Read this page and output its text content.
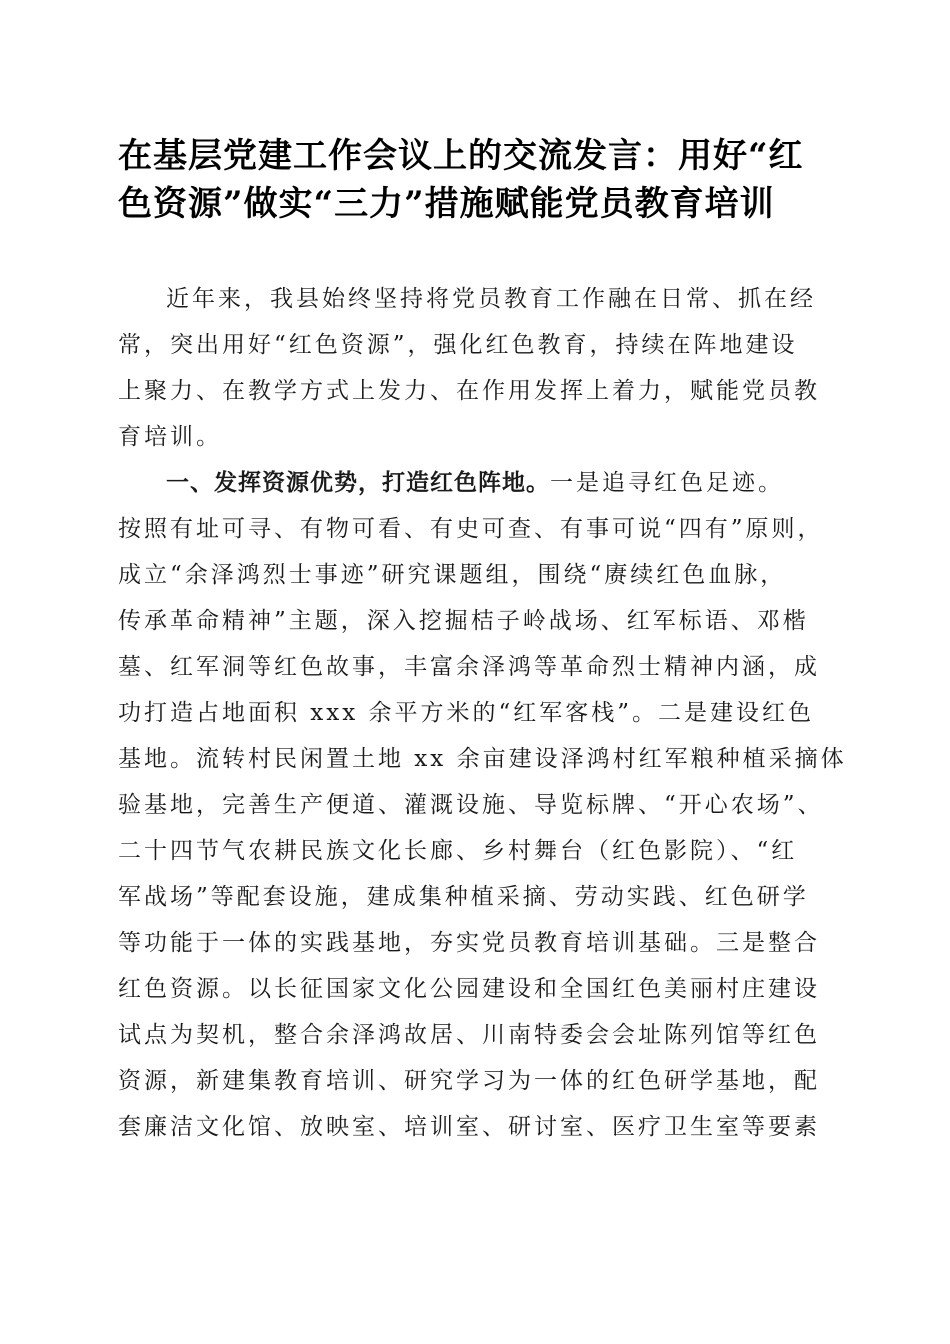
在基层党建工作会议上的交流发言：用好“红
色资源”做实“三力”措施赋能党员教育培训
近年来，我县始终坚持将党员教育工作融在日常、抓在经
常，突出用好“红色资源”，强化红色教育，持续在阵地建设
上聚力、在教学方式上发力、在作用发挥上着力，赋能党员教
育培训。
一、发挥资源优势，打造红色阵地。一是追寻红色足迹。
按照有址可寻、有物可看、有史可查、有事可说“四有”原则，
成立“余泽鸿烈士事迹”研究课题组，围绕“赓续红色血脉，
传承革命精神”主题，深入挖掘桔子岭战场、红军标语、邓楷
墓、红军洞等红色故事，丰富余泽鸿等革命烈士精神内涵，成
功打造占地面积 xxx 余平方米的“红军客栈”。二是建设红色
基地。流转村民闲置土地 xx 余亩建设泽鸿村红军粮种植采摘体
验基地，完善生产便道、灌溉设施、导览标牌、“开心农场”、
二十四节气农耕民族文化长廊、乡村舞台（红色影院）、“红
军战场”等配套设施，建成集种植采摘、劳动实践、红色研学
等功能于一体的实践基地，夯实党员教育培训基础。三是整合
红色资源。以长征国家文化公园建设和全国红色美丽村庄建设
试点为契机，整合余泽鸿故居、川南特委会会址陈列馆等红色
资源，新建集教育培训、研究学习为一体的红色研学基地，配
套廉洁文化馆、放映室、培训室、研讨室、医疗卫生室等要素
